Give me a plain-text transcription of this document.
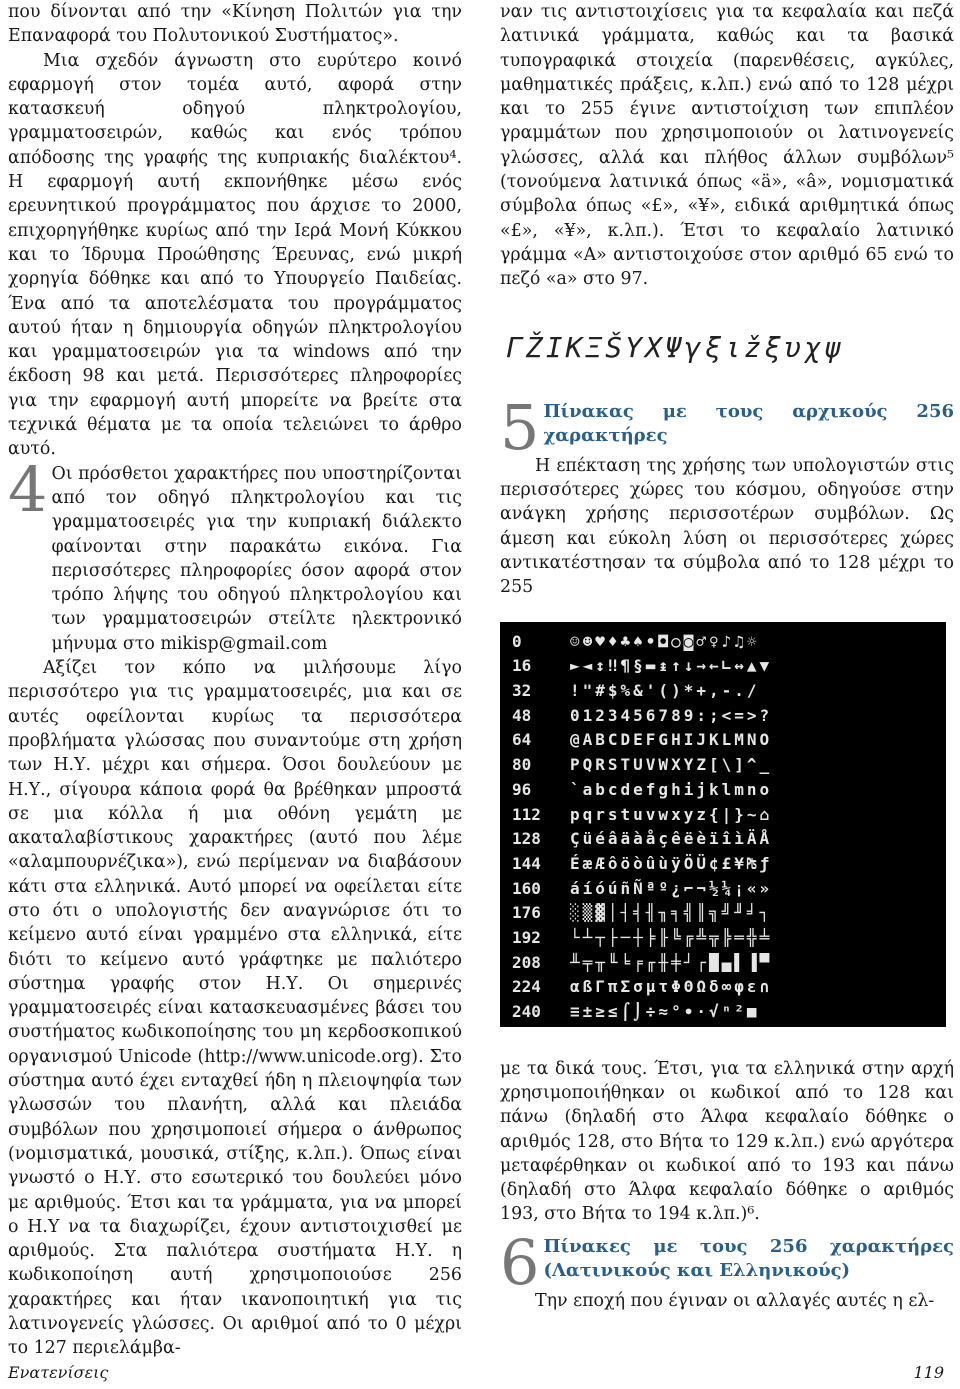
που δίνονται από την «Κίνηση Πολιτών για την Επαναφορά του Πολυτονικού Συστήματος».

Μια σχεδόν άγνωστη στο ευρύτερο κοινό εφαρμογή στον τομέα αυτό, αφορά στην κατασκευή οδηγού πληκτρολογίου, γραμματοσειρών, καθώς και ενός τρόπου απόδοσης της γραφής της κυπριακής διαλέκτου⁴. Η εφαρμογή αυτή εκπονήθηκε μέσω ενός ερευνητικού προγράμματος που άρχισε το 2000, επιχορηγήθηκε κυρίως από την Ιερά Μονή Κύκκου και το Ίδρυμα Προώθησης Έρευνας, ενώ μικρή χορηγία δόθηκε και από το Υπουργείο Παιδείας. Ένα από τα αποτελέσματα του προγράμματος αυτού ήταν η δημιουργία οδηγών πληκτρολογίου και γραμματοσειρών για τα windows από την έκδοση 98 και μετά. Περισσότερες πληροφορίες για την εφαρμογή αυτή μπορείτε να βρείτε στα τεχνικά θέματα με τα οποία τελειώνει το άρθρο αυτό.

4 Οι πρόσθετοι χαρακτήρες που υποστηρίζονται από τον οδηγό πληκτρολογίου και τις γραμματοσειρές για την κυπριακή διάλεκτο φαίνονται στην παρακάτω εικόνα. Για περισσότερες πληροφορίες όσον αφορά στον τρόπο λήψης του οδηγού πληκτρολογίου και των γραμματοσειρών στείλτε ηλεκτρονικό μήνυμα στο mikisp@gmail.com

Αξίζει τον κόπο να μιλήσουμε λίγο περισσότερο για τις γραμματοσειρές, μια και σε αυτές οφείλονται κυρίως τα περισσότερα προβλήματα γλώσσας που συναντούμε στη χρήση των Η.Υ. μέχρι και σήμερα. Όσοι δουλεύουν με Η.Υ., σίγουρα κάποια φορά θα βρέθηκαν μπροστά σε μια κόλλα ή μια οθόνη γεμάτη με ακαταλαβίστικους χαρακτήρες (αυτό που λέμε «αλαμπουρνέζικα»), ενώ περίμεναν να διαβάσουν κάτι στα ελληνικά. Αυτό μπορεί να οφείλεται είτε στο ότι ο υπολογιστής δεν αναγνώρισε ότι το κείμενο αυτό είναι γραμμένο στα ελληνικά, είτε διότι το κείμενο αυτό γράφτηκε με παλιότερο σύστημα γραφής στον Η.Υ. Οι σημερινές γραμματοσειρές είναι κατασκευασμένες βάσει του συστήματος κωδικοποίησης του μη κερδοσκοπικού οργανισμού Unicode (http://www.unicode.org). Στο σύστημα αυτό έχει ενταχθεί ήδη η πλειοψηφία των γλωσσών του πλανήτη, αλλά και πλειάδα συμβόλων που χρησιμοποιεί σήμερα ο άνθρωπος (νομισματικά, μουσικά, στίξης, κ.λπ.). Όπως είναι γνωστό ο Η.Υ. στο εσωτερικό του δουλεύει μόνο με αριθμούς. Έτσι και τα γράμματα, για να μπορεί ο Η.Υ να τα διαχωρίζει, έχουν αντιστοιχισθεί με αριθμούς. Στα παλιότερα συστήματα Η.Υ. η κωδικοποίηση αυτή χρησιμοποιούσε 256 χαρακτήρες και ήταν ικανοποιητική για τις λατινογενείς γλώσσες. Οι αριθμοί από το 0 μέχρι το 127 περιελάμβα-

ναν τις αντιστοιχίσεις για τα κεφαλαία και πεζά λατινικά γράμματα, καθώς και τα βασικά τυπογραφικά στοιχεία (παρενθέσεις, αγκύλες, μαθηματικές πράξεις, κ.λπ.) ενώ από το 128 μέχρι και το 255 έγινε αντιστοίχιση των επιπλέον γραμμάτων που χρησιμοποιούν οι λατινογενείς γλώσσες, αλλά και πλήθος άλλων συμβόλων⁵ (τονούμενα λατινικά όπως «ä», «â», νομισματικά σύμβολα όπως «£», «¥», ειδικά αριθμητικά όπως «£», «¥», κ.λπ.). Έτσι το κεφαλαίο λατινικό γράμμα «A» αντιστοιχούσε στον αριθμό 65 ενώ το πεζό «a» στο 97.

ΓŽΙΚΞŠΥΧΨγξιžξυχψ
5 Πίνακας με τους αρχικούς 256 χαρακτήρες

Η επέκταση της χρήσης των υπολογιστών στις περισσότερες χώρες του κόσμου, οδηγούσε στην ανάγκη χρήσης περισσοτέρων συμβόλων. Ως άμεση και εύκολη λύση οι περισσότερες χώρες αντικατέστησαν τα σύμβολα από το 128 μέχρι το 255

0	☺☻♥♦♣♠•◘○◙♂♀♪♫☼
16 ►◄↕‼¶§▬↨↑↓→←∟↔▲▼
32 !"#$%&'()*+,-./
48 0123456789:;<=>?
64 @ABCDEFGHIJKLMNO
80 PQRSTUVWXYZ[\]^_
96 `abcdefghijklmno
112 pqrstuvwxyz{|}~⌂
128 ÇüéâäàåçêëèïîìÄÅ
144 ÉæÆôöòûùÿÖÜ¢£¥₧ƒ
160 áíóúñÑªº¿⌐¬½¼¡«»
176 ░▒▓│┤╡╢╖╕╣║╗╝╜╛┐
192 └┴┬├─┼╞╟╚╔╩╦╠═╬╧
208 ╨╤╥╙╘╒╓╫╪┘┌█▄▌▐▀
224 αßΓπΣσµτΦΘΩδ∞φε∩
240 ≡±≥≤⌠⌡÷≈°∙·√ⁿ²■

με τα δικά τους. Έτσι, για τα ελληνικά στην αρχή χρησιμοποιήθηκαν οι κωδικοί από το 128 και πάνω (δηλαδή στο Άλφα κεφαλαίο δόθηκε ο αριθμός 128, στο Βήτα το 129 κ.λπ.) ενώ αργότερα μεταφέρθηκαν οι κωδικοί από το 193 και πάνω (δηλαδή στο Άλφα κεφαλαίο δόθηκε ο αριθμός 193, στο Βήτα το 194 κ.λπ.)⁶.

6 Πίνακες με τους 256 χαρακτήρες (Λατινικούς και Ελληνικούς)

Την εποχή που έγιναν οι αλλαγές αυτές η ελ-

Ενατενίσεις	119
